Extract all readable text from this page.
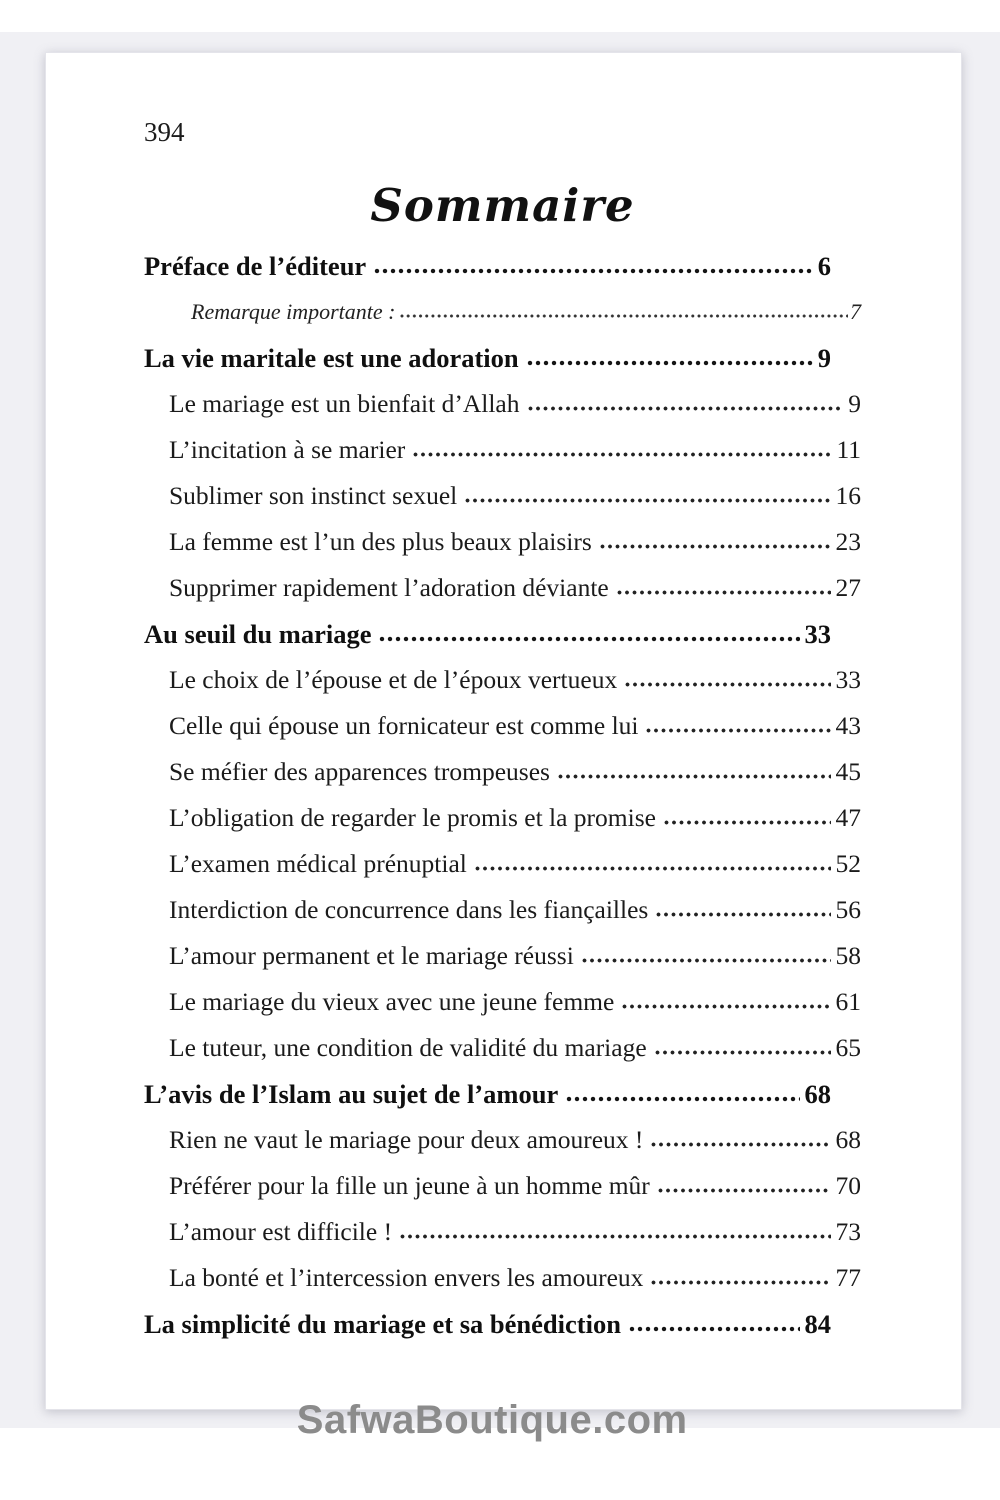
394
Sommaire
Préface de l’éditeur	6
Remarque importante :	7
La vie maritale est une adoration	9
Le mariage est un bienfait d’Allah	9
L’incitation à se marier	11
Sublimer son instinct sexuel	16
La femme est l’un des plus beaux plaisirs	23
Supprimer rapidement l’adoration déviante	27
Au seuil du mariage	33
Le choix de l’épouse et de l’époux vertueux	33
Celle qui épouse un fornicateur est comme lui	43
Se méfier des apparences trompeuses	45
L’obligation de regarder le promis et la promise	47
L’examen médical prénuptial	52
Interdiction de concurrence dans les fiançailles	56
L’amour permanent et le mariage réussi	58
Le mariage du vieux avec une jeune femme	61
Le tuteur, une condition de validité du mariage	65
L’avis de l’Islam au sujet de l’amour	68
Rien ne vaut le mariage pour deux amoureux !	68
Préférer pour la fille un jeune à un homme mûr	70
L’amour est difficile !	73
La bonté et l’intercession envers les amoureux	77
La simplicité du mariage et sa bénédiction	84
SafwaBoutique.com
